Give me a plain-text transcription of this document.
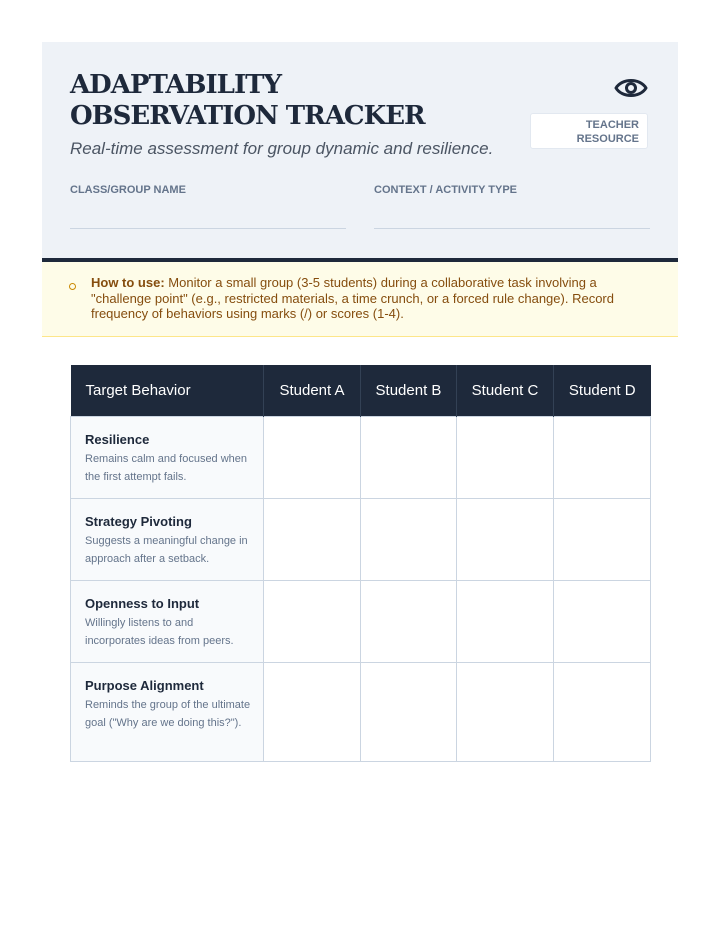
ADAPTABILITY OBSERVATION TRACKER
Real-time assessment for group dynamic and resilience.
TEACHER
RESOURCE
CLASS/GROUP NAME	CONTEXT / ACTIVITY TYPE
How to use: Monitor a small group (3-5 students) during a collaborative task involving a "challenge point" (e.g., restricted materials, a time crunch, or a forced rule change). Record frequency of behaviors using marks (/) or scores (1-4).
Target Behavior	Student A	Student B	Student C	Student D

Resilience
Remains calm and focused when the first attempt fails.				

Strategy Pivoting
Suggests a meaningful change in approach after a setback.				

Openness to Input
Willingly listens to and incorporates ideas from peers.				

Purpose Alignment
Reminds the group of the ultimate goal ("Why are we doing this?").				
